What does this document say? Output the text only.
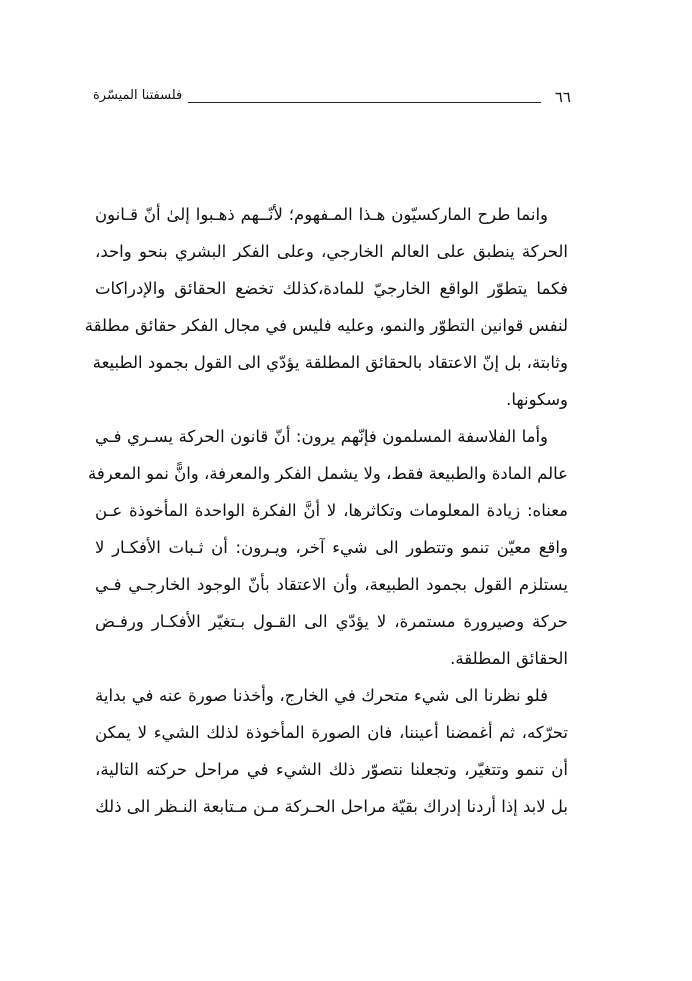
٦٦
فلسفتنا الميسّرة
وانما طرح الماركسيّون هـذا المـفهوم؛ لأنّــهم ذهـبوا إلىٰ أنّ قـانون
الحركة ينطبق على العالم الخارجي، وعلى الفكر البشري بنحو واحد،
فكما يتطوّر الواقع الخارجيّ للمادة،كذلك تخضع الحقائق والإدراكات
لنفس قوانين التطوّر والنمو، وعليه فليس في مجال الفكر حقائق مطلقة
وثابتة، بل إنّ الاعتقاد بالحقائق المطلقة يؤدّي الى القول بجمود الطبيعة
وسكونها.
وأما الفلاسفة المسلمون فإنّهم يرون: أنّ قانون الحركة يسـري فـي
عالم المادة والطبيعة فقط، ولا يشمل الفكر والمعرفة، وانًّ نمو المعرفة
معناه: زيادة المعلومات وتكاثرها، لا أنَّ الفكرة الواحدة المأخوذة عـن
واقع معيّن تنمو وتتطور الى شيء آخر، ويـرون: أن ثـبات الأفكـار لا
يستلزم القول بجمود الطبيعة، وأن الاعتقاد بأنّ الوجود الخارجـي فـي
حركة وصيرورة مستمرة، لا يؤدّي الى القـول بـتغيّر الأفكـار ورفـض
الحقائق المطلقة.
فلو نظرنا الى شيء متحرك في الخارج، وأخذنا صورة عنه في بداية
تحرّكه، ثم أغمضنا أعيننا، فان الصورة المأخوذة لذلك الشيء لا يمكن
أن تنمو وتتغيّر، وتجعلنا نتصوّر ذلك الشيء في مراحل حركته التالية،
بل لابد إذا أردنا إدراك بقيّة مراحل الحـركة مـن مـتابعة النـظر الى ذلك
